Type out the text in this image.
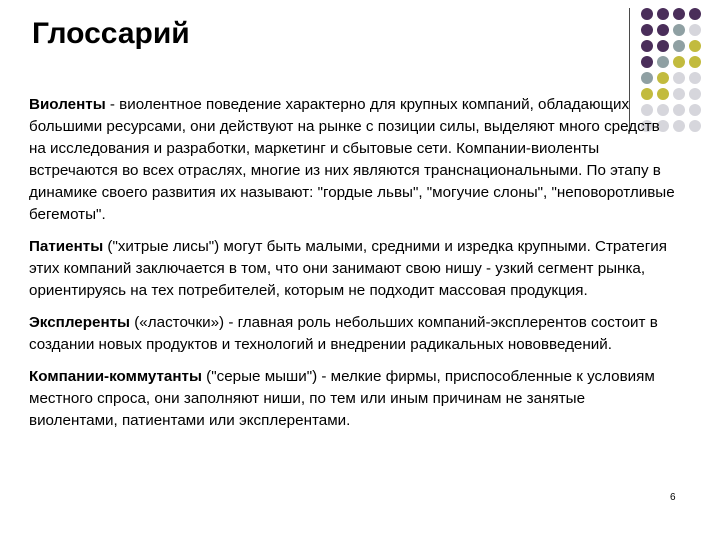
Глоссарий

Виоленты - виолентное поведение характерно для крупных компаний, обладающих большими ресурсами, они действуют на рынке с позиции силы, выделяют много средств на исследования и разработки, маркетинг и сбытовые сети. Компании-виоленты встречаются во всех отраслях, многие из них являются транснациональными. По этапу в динамике своего развития их называют: "гордые львы", "могучие слоны", "неповоротливые бегемоты".

Патиенты ("хитрые лисы") могут быть малыми, средними и изредка крупными. Стратегия этих компаний заключается в том, что они занимают свою нишу - узкий сегмент рынка, ориентируясь на тех потребителей, которым не подходит массовая продукция.

Эксплеренты («ласточки») - главная роль небольших компаний-эксплерентов состоит в создании новых продуктов и технологий и внедрении радикальных нововведений.

Компании-коммутанты ("серые мыши") - мелкие фирмы, приспособленные к условиям местного спроса, они заполняют ниши, по тем или иным причинам не занятые виолентами, патиентами или эксплерентами.

6
